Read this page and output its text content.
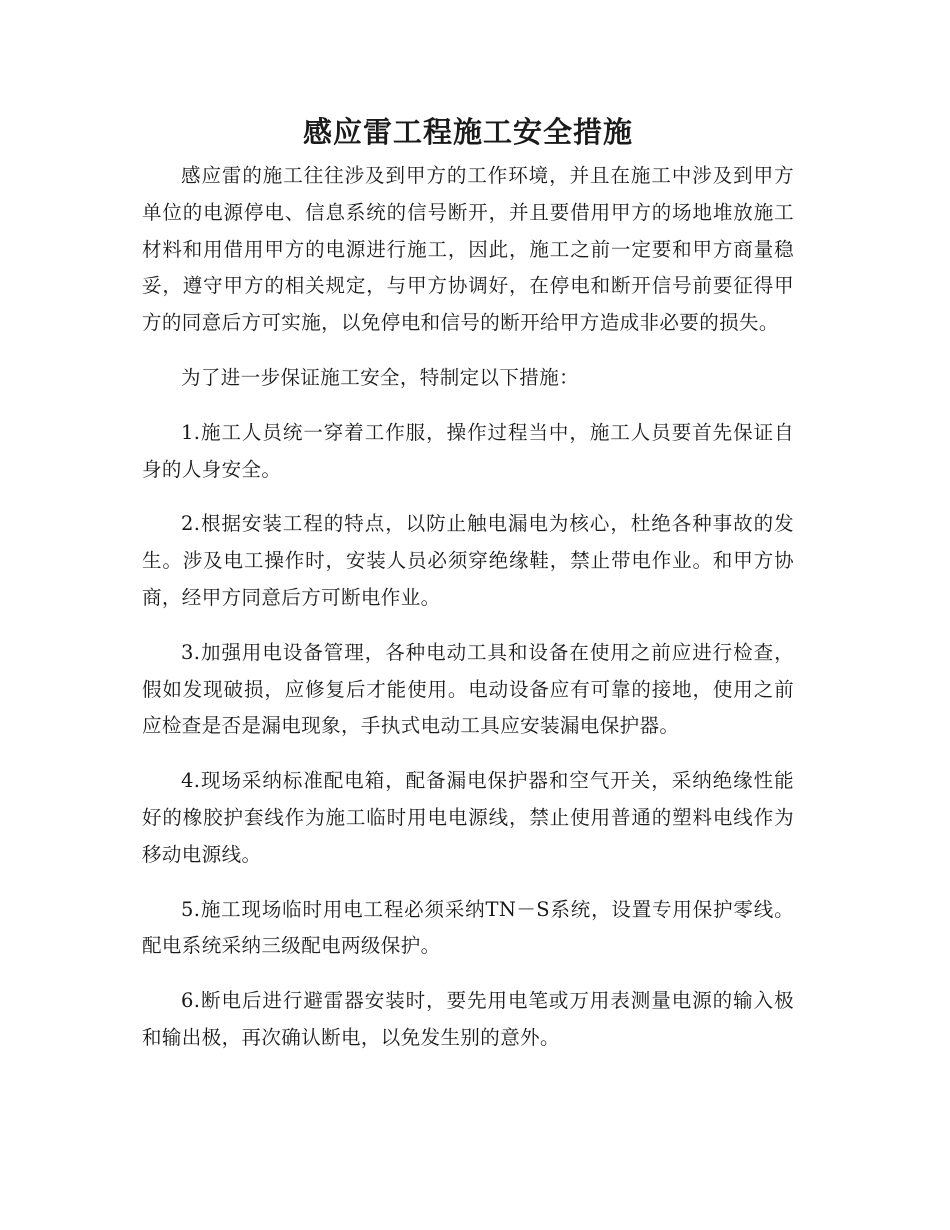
感应雷工程施工安全措施

感应雷的施工往往涉及到甲方的工作环境，并且在施工中涉及到甲方单位的电源停电、信息系统的信号断开，并且要借用甲方的场地堆放施工材料和用借用甲方的电源进行施工，因此，施工之前一定要和甲方商量稳妥，遵守甲方的相关规定，与甲方协调好，在停电和断开信号前要征得甲方的同意后方可实施，以免停电和信号的断开给甲方造成非必要的损失。

为了进一步保证施工安全，特制定以下措施：

1.施工人员统一穿着工作服，操作过程当中，施工人员要首先保证自身的人身安全。

2.根据安装工程的特点，以防止触电漏电为核心，杜绝各种事故的发生。涉及电工操作时，安装人员必须穿绝缘鞋，禁止带电作业。和甲方协商，经甲方同意后方可断电作业。

3.加强用电设备管理，各种电动工具和设备在使用之前应进行检查，假如发现破损，应修复后才能使用。电动设备应有可靠的接地，使用之前应检查是否是漏电现象，手执式电动工具应安装漏电保护器。

4.现场采纳标准配电箱，配备漏电保护器和空气开关，采纳绝缘性能好的橡胶护套线作为施工临时用电电源线，禁止使用普通的塑料电线作为移动电源线。

5.施工现场临时用电工程必须采纳TN－S系统，设置专用保护零线。配电系统采纳三级配电两级保护。

6.断电后进行避雷器安装时，要先用电笔或万用表测量电源的输入极和输出极，再次确认断电，以免发生别的意外。
